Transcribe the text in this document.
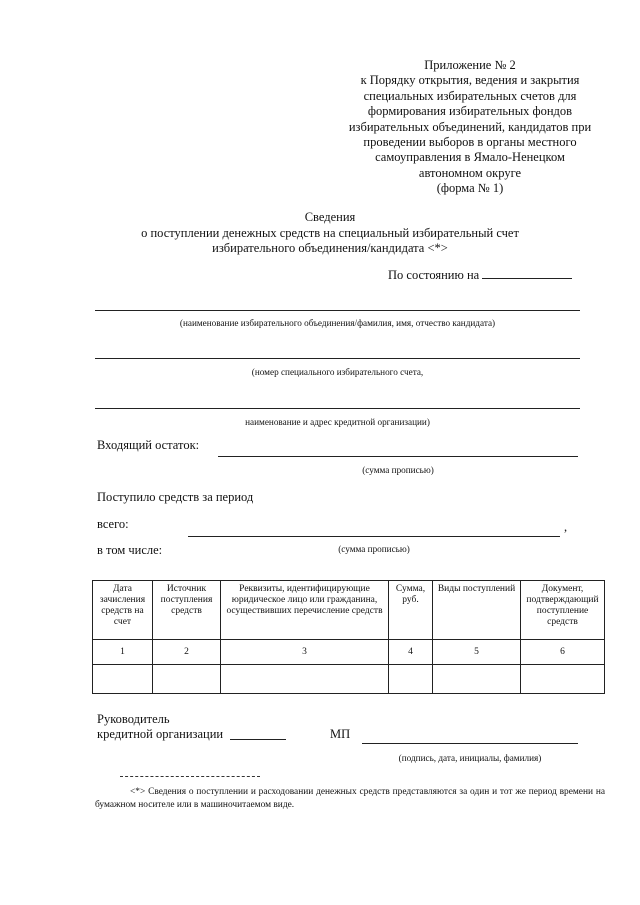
Приложение № 2
к Порядку открытия, ведения и закрытия
специальных избирательных счетов для
формирования избирательных фондов
избирательных объединений, кандидатов при
проведении выборов в органы местного
самоуправления в Ямало-Ненецком
автономном округе
(форма № 1)
Сведения
о поступлении денежных средств на специальный избирательный счет
избирательного объединения/кандидата <*>
По состоянию на
(наименование избирательного объединения/фамилия, имя, отчество кандидата)
(номер специального избирательного счета,
наименование и адрес кредитной организации)
Входящий остаток:
(сумма прописью)
Поступило средств за период
всего:	,
в том числе:	(сумма прописью)
Дата зачисления средств на счет	Источник поступления средств	Реквизиты, идентифицирующие юридическое лицо или гражданина, осуществивших перечисление средств	Сумма, руб.	Виды поступлений	Документ, подтверждающий поступление средств
1	2	3	4	5	6

Руководитель
кредитной организации	МП
(подпись, дата, инициалы, фамилия)
<*> Сведения о поступлении и расходовании денежных средств представляются за один и тот же период времени на бумажном носителе или в машиночитаемом виде.
